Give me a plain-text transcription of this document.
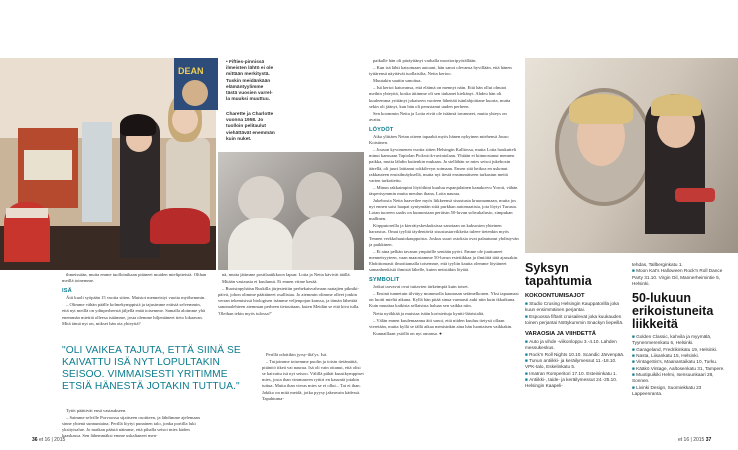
DEAN
• Fifties-pinnissä
ilmeisten lähtö ei ole
mittään merkitystä.
Tuskin meidänkään
elämäntyylimme
tästä vuosien varrel-
la muuksi muuttuu.
Charette ja Charlotte
vuonna 1958. Jo
tuolloin pelitaulut
viehättävät enemmän
kuin nuket.

ihmeissään, mutta emme tuollointkaan pitäneet muiden mielipiteistä. Olihan meillä toinemme.

ISÄ

Äiti kuoli syöpään 15 vuotta sitten. Muistot menneistyi vuotta myöhemmin.

– Olimme vähän päälle kolmekymppisiä ja tajusimme eräistä selvemmin, että nyt meillä on ydinperheestä jäljellä enää toisemme. Samalla aloimme yhä enemmän miettiä olleesa isäämme, josta olemme hiljentäneet tieto lokaavan. Mitä tämä nyt on, mikset hän ota yhteyttä?

nä, mutta jätimme postilaatikkoon lapun: Lotta ja Netta kävivät täällä.

Mitään vastausta ei kuulunut. Ei ennen viime kesää.

– Ruotsinpyhäisn Ruskilla järjestettiin perhekaisvahvaan raatajien pikniki-päivä, johon olimme päättäneet osallistaa. Jo aiemmin olimme olleet jonkin verran tekemisissä biologisen isämme veljenpojan kanssa, ja tämän lähettää sanomalehteen aiemman perheen tietouttaan, kuten Meidän se että kiva tulla. 'Olethan tekin myös tulossa?'

"OLI VAIKEA TAJUTA, ETTÄ SIINÄ SE KAIVATTU ISÄ NYT LOPULTAKIN SEISOO. VIMMAISESTI YRITIMME ETSIÄ HÄNESTÄ JOTAKIN TUTTUA."

Tytöt päättivät ensä vastaukseen.

– Saimme selville Porvoossa sijaitseen osoitteen, ja lähdimme ajelemaan sinne yhtenä sunnuntaina. Perillä löytyi punainen talo, jonka portilla luki yksityisalue. Jo matkan päästä näimme, että pihalla seisoi mies käden kaaskassa. Sen lähemmäksi emme uskaltaneet men-

Perillä odottikin jyrsy-iltä'ys. Isä.

– Tutjoimme toisemme puolin ja toisin tietämättä, pitänöö itkeä vai nauraa. Isä oli vain ottanut, että olisi se kaivattu isä nyt seisoo. Välillä pähät kuusikymppiset mies, josta than vimmaseen ryttiri en kasuntä jotakin tuttua. Mutta ihan vieras mies se ei ollut... Tai ei ihan. Jakiko on mitä meidä, jotka pyysy jakeavain kädessä. Tapahtuma-

paikalle hän oli päräyttänyt varhalla moottoripyörällään.

– Kun isä lähti katsomaan autoani, hän sanoi olevansa hyvillään, että hänen tyttärensä näyttävät tuollaisilta, Netta kertoo.

Muutakin saattin sanottua.

– Isä kertoi katuvansa, että eläimä on mennyt näin. Että hän ollut olnutoi meihin yhteyttä, koska äitimme oli sen itukanet kieltänyt. Ahdeu hän oli kuuleemma yrittänyt jokaiseen vuoteen lähettää isänlahjoittane kuorta, mutta sekin oli jäänyt, kun hän oli perustanut uuden perheen.

Sen koommin Netta ja Lotta eivät ole isäänsä tavanneet, mutta yhteys on avattu.

LÖYDÖT

Aika ylittäen Netan otteen tapaahti myös hänen nykyinen miehensä Jouso Koistinen.

– Jouson kyvomenen vuotta sitten Helsingin Kalliossa, mutta Lotta houkutteli minut kanssaan Tapiolan Pickwick-ravintolaan. Yhtään ei kiinnostanut mennen paikka, mutta lähdin kuitenkin mukaan. Ja siellähän se mies seisoi jukeboxin äärellä, oli juuri laittanut rokkilevyn soimaan. Ensen sitä heikoa en uskonut rakkauteen ensisilmäyksellä, mutta nyt tiestä ensimmäiseen tarkastun meitä varten tarkoitettu.

– Minun rakkaimpini löytöihini kuuluu espanjalainen kanakorvu Yoroti, vähän täsperisymmin mutta meulun ihana, Lotta nauraa.

Jukeboxia Netta haaveilee myös liikkeensä sisustusta kruunaamaan, mutta jos nyt ennen saisi haapat syntymään siitä purkkan automaatista, jota löytyi Turusta. Lotan tuoreen saalis on kunnostaan peräisin 50-luvun sohvakalusto, simpukan mallinen.

Kirpputoreilla ja kierrätyskeskuksissa sanotaan on kaksosten yhteinen harrastus. Omat tyylitä täydentäviä sisustustarvikkeita tuleee tietenkin myös Tennen verkkohuutokauppoista. Joskus suuri ostoksia ovat palautunut yhdistyvän ja paikkinen.

– Ei aina pelkän tavaran ympärille sentään pyöri. Emme ole juuttuneet menneisyyteen, vaan maaostamme 50-luvun estetiikkaa ja ilmiöitä tätä ajassakin. Ehdottomasti ilmoittamalla toisemme, että tyyliin kautta olemme löytäneet samanhenkisiä ihmisiä lähelle, kuten netistäkin löytää.

SYMBOLIT

Jotkut tarvavat ovat tuttavien tärkeimpiä kuin toiset.

– Ensinä tunnetuin tilvätyy mummolla kaunasan setämelkonen. Yksi tapaamasi on luotti mieltä aikana. Kyllä hän pitää sinua varmasti auki niin kuin ikkaikuna. Kuin muuttaa kaikista sellaisista haluaa sen vaikka niin.

Netta nyökkää ja muistaa isään koristettuja kyntti-läärisialtä.

– Välän ennen kuulemaanna äiti sanoi, että niiden kuuluu tietysti ollaan vieretään, mutta kyllä se tällä aikaa menisinkin aina hän luontaisen vaikkakin.

Kunnaillaan ystöllä on nyt omansa. ●

Syksyn
tapahtumia
KOKOONTUMISAJOT
■ Studio Crusing Helsingin Kauppatorilla joka kuun ensimmäinen perjantai.
■ Espoossa fiftarit cruisailevat joka kuukauden toinen perjantai Nöttykummin Snackyn liepeillä.
VARAOSIA JA VIIHDETTÄ
■ Auto ja vihde -viikonloppu 3.-4.10. Lahden messukeskus.
■ Rock'n Roll Nights 10.10. Scandic Järvenpää.
■ Tunun antiikki- ja keräilymessut 11.-18.10. VPK-talo, Eskelinkatu 5.
■ Imatran Romperitori 17.10. Esteininkatu 1.
■ Antiikki-, taide- ja keräilymessut 24.-25.10. Helsingin Kaapeli-
tehdas, Tallberginkatu 1.
■ Moon Kat's Halloween Rock'n Roll Dance Party 31.10. Virgin Oil, Mannerheimintie 5, Helsinki.
50-lukuun
erikoistuneita
liikkeitä
■ Golden Classic, kahvila ja myymälä, Tyynenmerenkatu 6, Helsinki.
■ Garageland, Fredrikinkatu 19, Helsinki.
■ Nasta, Liisankatu 15, Helsinki.
■ VintageSis's, Maanantaikatu 10, Turku.
■ Kääkö Vintage, Aaltosenkatu 31, Tampere.
■ Muotipuikiki Helmi, Isensuunkaari 28, Sonnen.
■ Livinki Design, Suomiekkatu 23 Lappeenranta.
36 et 16 | 2015	et 16 | 2015 37
